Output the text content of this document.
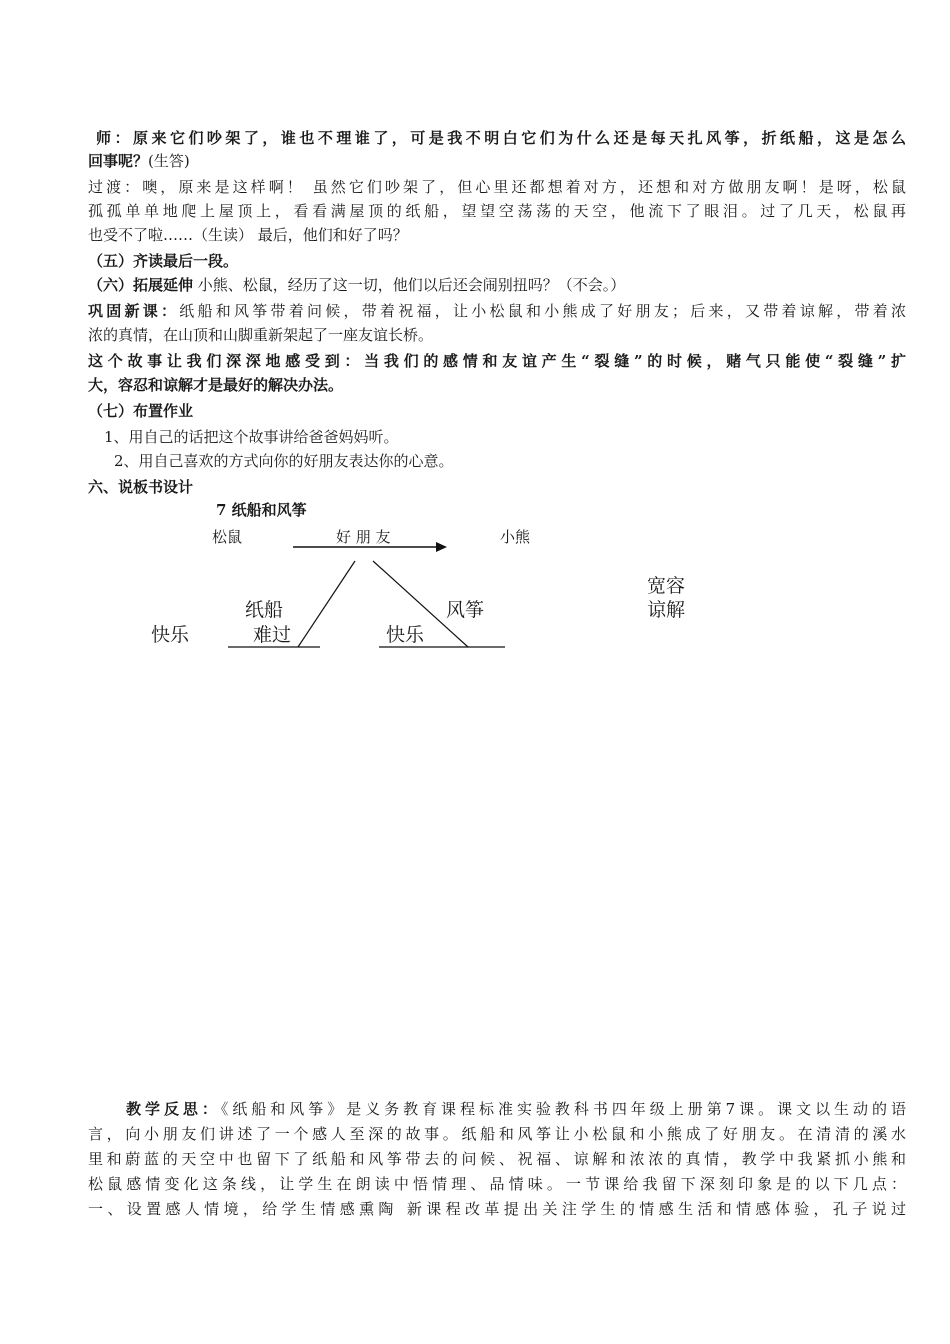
师：原来它们吵架了，谁也不理谁了，可是我不明白它们为什么还是每天扎风筝，折纸船，这是怎么
回事呢？(生答)
过渡：噢，原来是这样啊！ 虽然它们吵架了，但心里还都想着对方，还想和对方做朋友啊！是呀，松鼠
孤孤单单地爬上屋顶上，看看满屋顶的纸船，望望空荡荡的天空，他流下了眼泪。过了几天，松鼠再
也受不了啦……（生读） 最后，他们和好了吗？
（五）齐读最后一段。
（六）拓展延伸 小熊、松鼠，经历了这一切，他们以后还会闹别扭吗？（不会。）
巩固新课：纸船和风筝带着问候，带着祝福，让小松鼠和小熊成了好朋友；后来，又带着谅解，带着浓
浓的真情，在山顶和山脚重新架起了一座友谊长桥。
这个故事让我们深深地感受到：当我们的感情和友谊产生“裂缝”的时候，赌气只能使“裂缝”扩
大，容忍和谅解才是最好的解决办法。
（七）布置作业
1、用自己的话把这个故事讲给爸爸妈妈听。
2、用自己喜欢的方式向你的好朋友表达你的心意。
六、说板书设计
7 纸船和风筝
松鼠	好 朋 友	小熊
纸船	风筝
快乐	难过	快乐
宽容
谅解
教学反思：《纸船和风筝》是义务教育课程标准实验教科书四年级上册第7课。课文以生动的语
言，向小朋友们讲述了一个感人至深的故事。纸船和风筝让小松鼠和小熊成了好朋友。在清清的溪水
里和蔚蓝的天空中也留下了纸船和风筝带去的问候、祝福、谅解和浓浓的真情，教学中我紧抓小熊和
松鼠感情变化这条线，让学生在朗读中悟情理、品情味。一节课给我留下深刻印象是的以下几点：
一、设置感人情境，给学生情感熏陶 新课程改革提出关注学生的情感生活和情感体验，孔子说过
